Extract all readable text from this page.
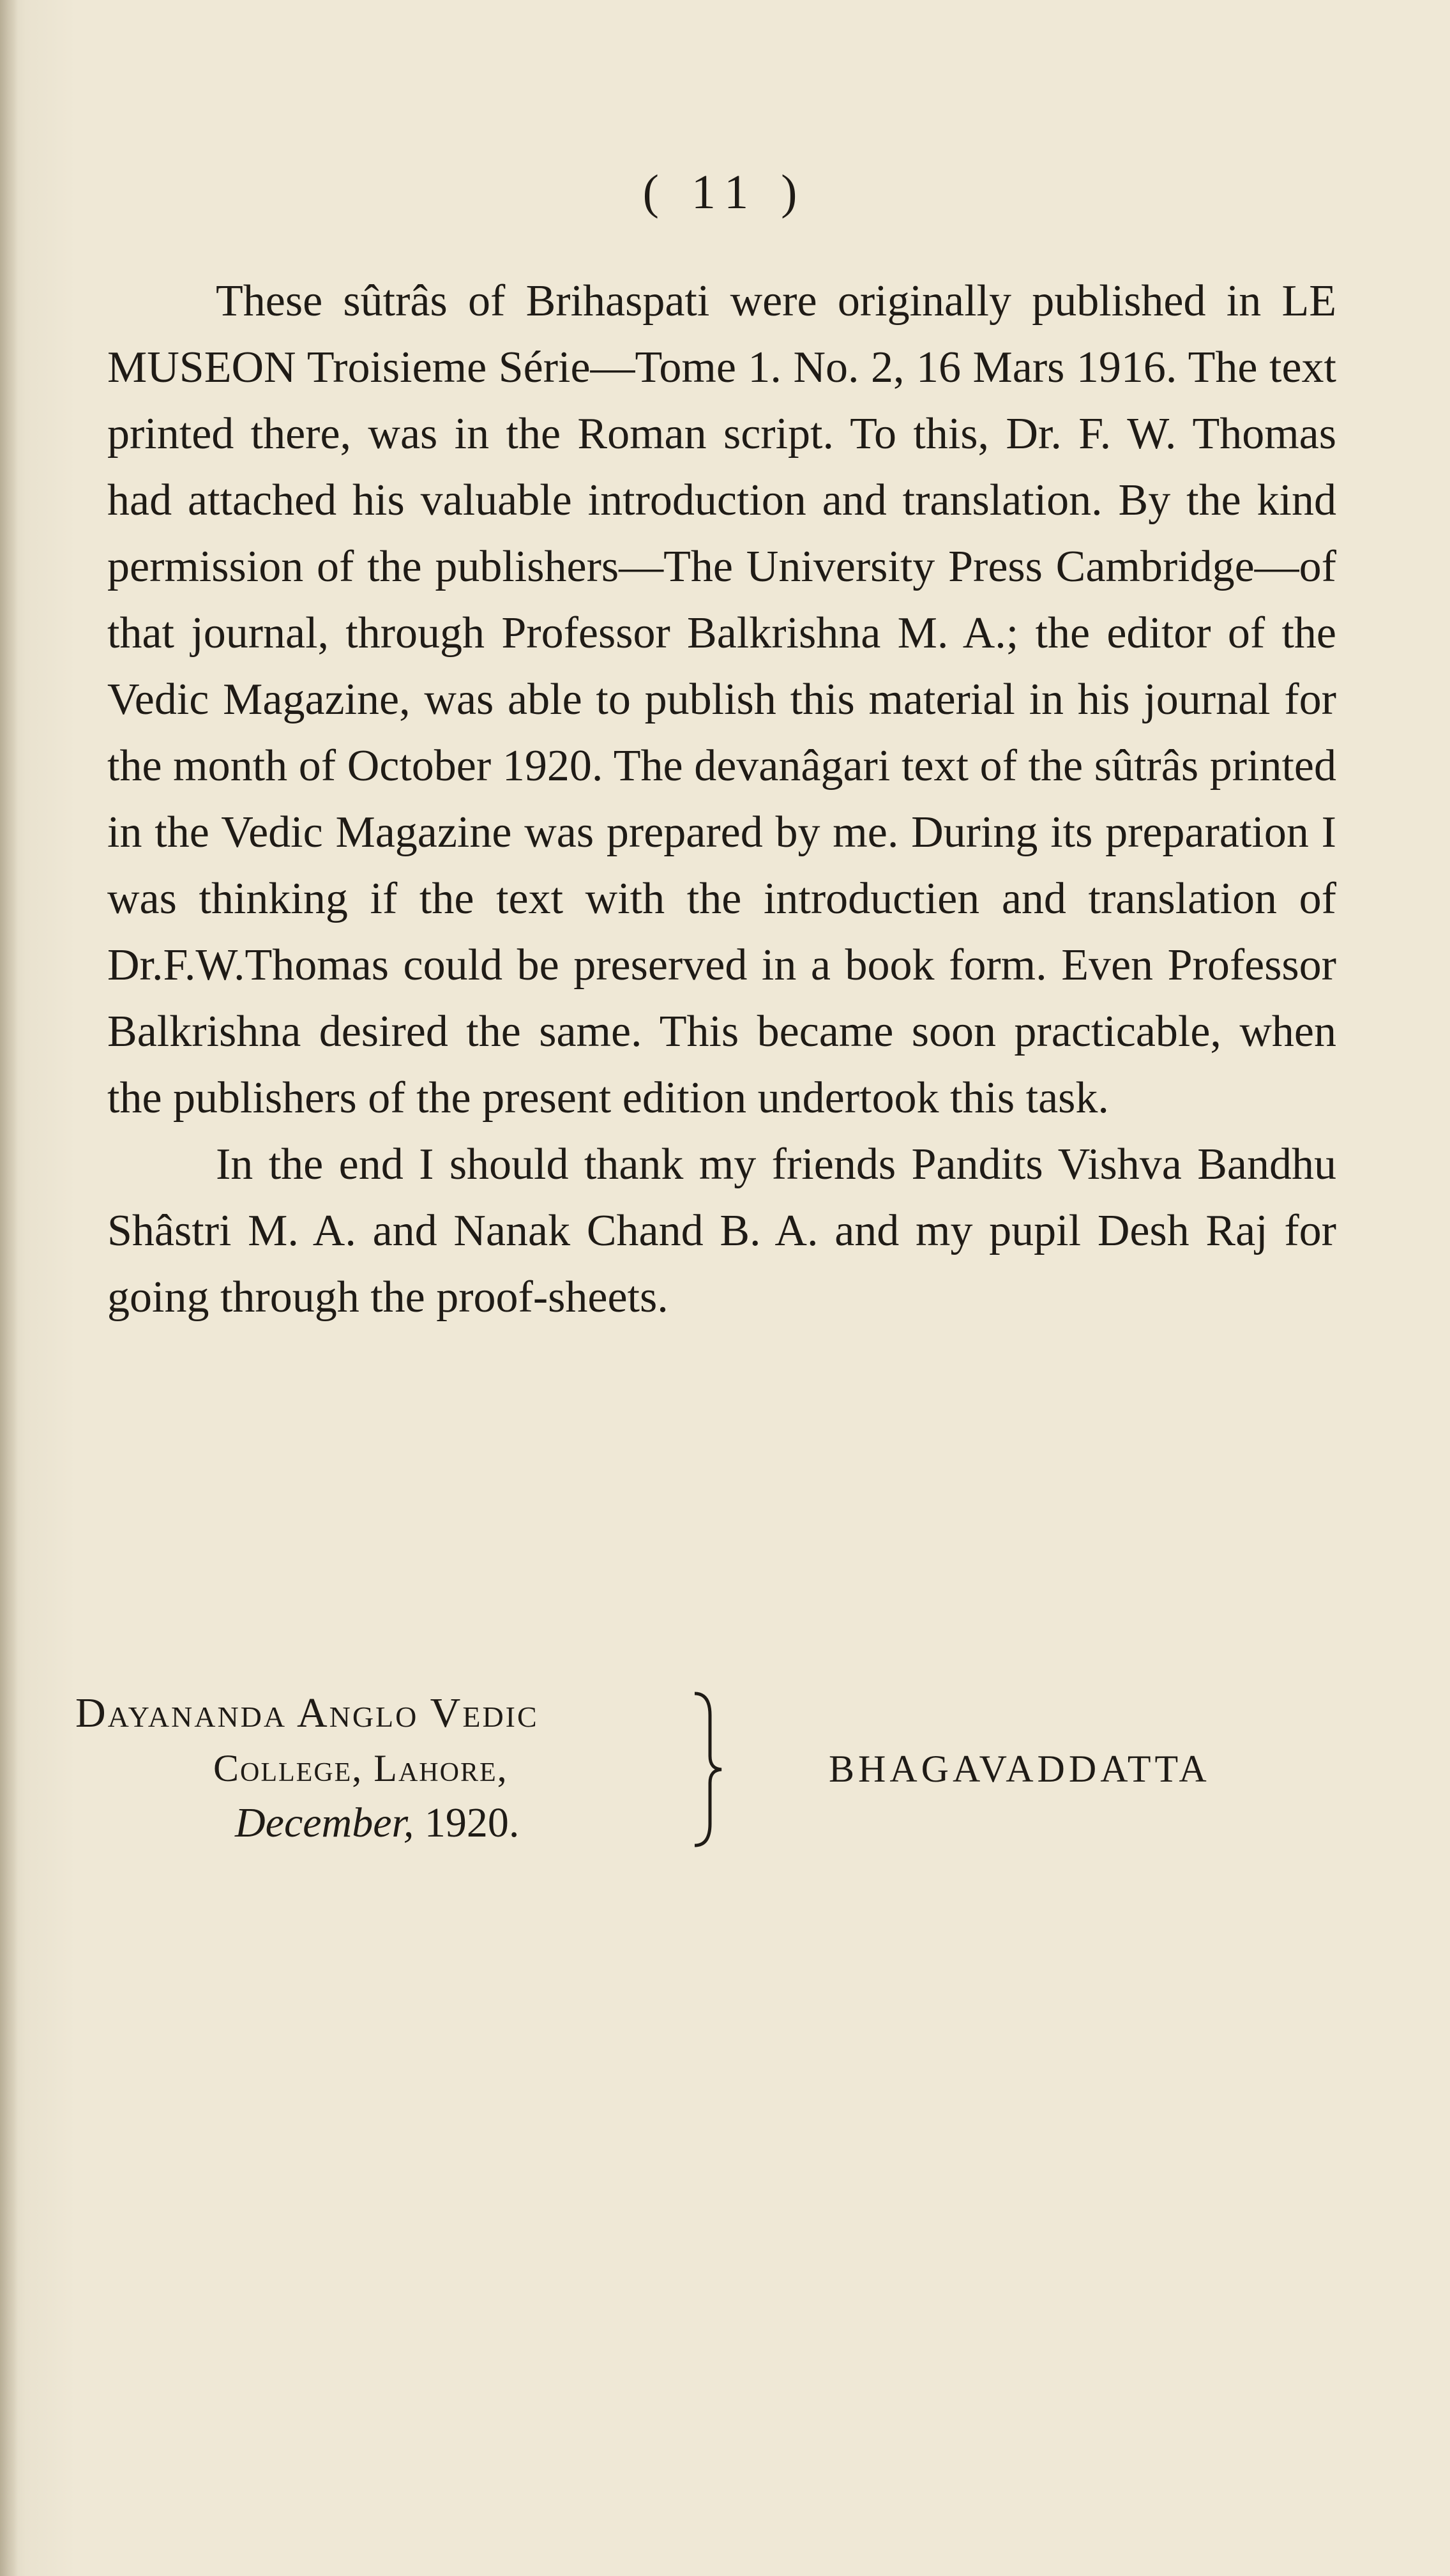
( 11 )

These sûtrâs of Brihaspati were originally published in LE MUSEON Troisieme Série—Tome 1. No. 2, 16 Mars 1916. The text printed there, was in the Roman script. To this, Dr. F. W. Thomas had attached his valuable introduction and translation. By the kind permission of the publishers—The University Press Cambridge—of that journal, through Professor Balkrishna M. A.; the editor of the Vedic Magazine, was able to publish this material in his journal for the month of October 1920. The devanâgari text of the sûtrâs printed in the Vedic Magazine was prepared by me. During its preparation I was thinking if the text with the introductien and translation of Dr.F.W.Thomas could be preserved in a book form. Even Professor Balkrishna desired the same. This became soon practicable, when the publishers of the present edition undertook this task.

In the end I should thank my friends Pandits Vishva Bandhu Shâstri M. A. and Nanak Chand B. A. and my pupil Desh Raj for going through the proof-sheets.

Dayananda Anglo Vedic
College, Lahore,
December, 1920.
BHAGAVADDATTA
